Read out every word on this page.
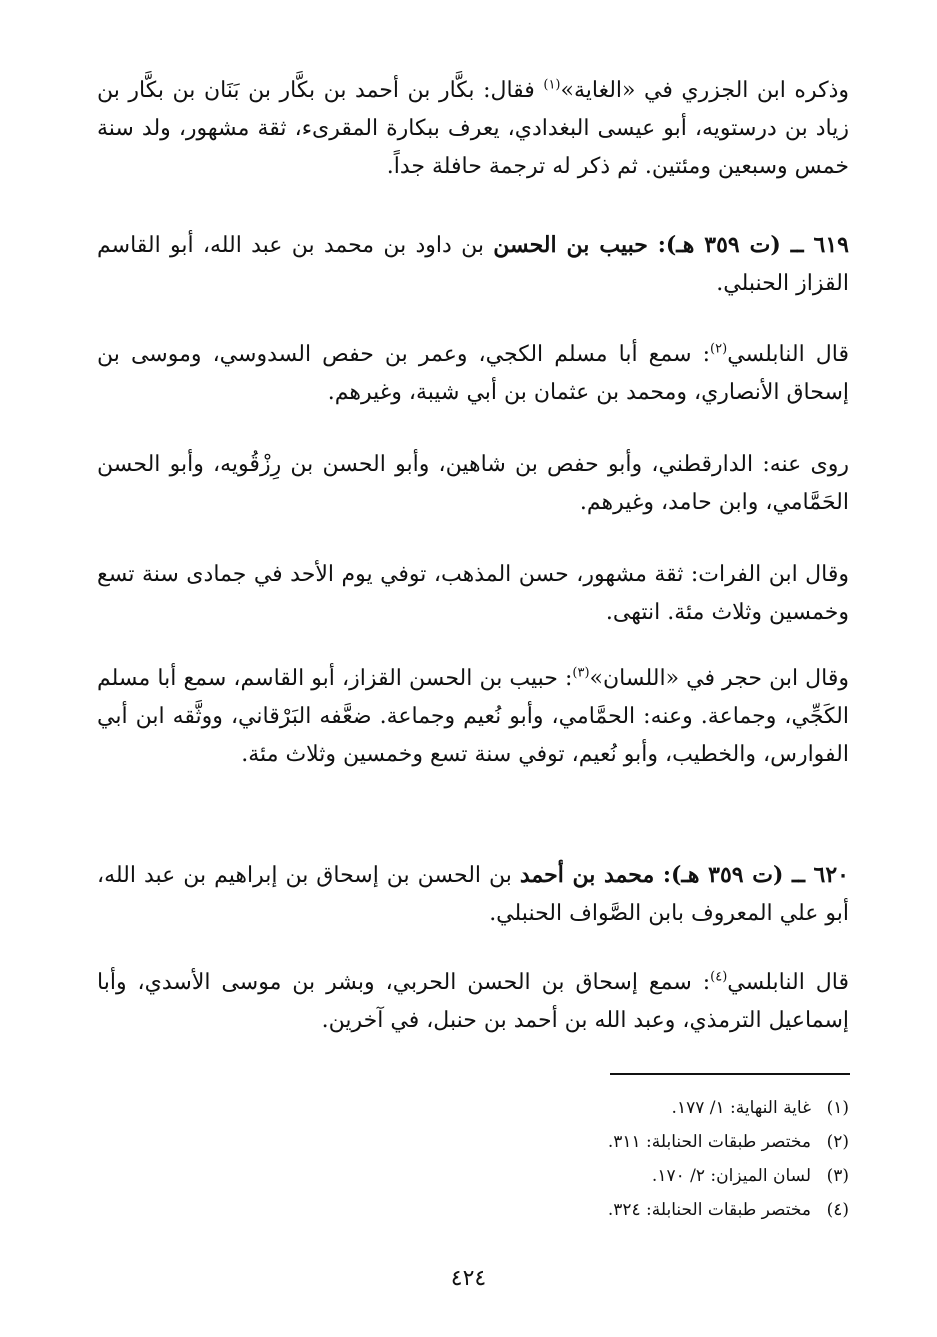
وذكره ابن الجزري في «الغاية»$^{(١)}$ فقال: بكَّار بن أحمد بن بكَّار بن بَنَان بن بكَّار بن زياد بن درستويه، أبو عيسى البغدادي، يعرف ببكارة المقرىء، ثقة مشهور، ولد سنة خمس وسبعين ومئتين. ثم ذكر له ترجمة حافلة جداً.

٦١٩ ــ (ت ٣٥٩ هـ): حبيب بن الحسن بن داود بن محمد بن عبد الله، أبو القاسم القزاز الحنبلي.

قال النابلسي$^{(٢)}$: سمع أبا مسلم الكجي، وعمر بن حفص السدوسي، وموسى بن إسحاق الأنصاري، ومحمد بن عثمان بن أبي شيبة، وغيرهم.

روى عنه: الدارقطني، وأبو حفص بن شاهين، وأبو الحسن بن رِزْقُويه، وأبو الحسن الحَمَّامي، وابن حامد، وغيرهم.

وقال ابن الفرات: ثقة مشهور، حسن المذهب، توفي يوم الأحد في جمادى سنة تسع وخمسين وثلاث مئة. انتهى.

وقال ابن حجر في «اللسان»$^{(٣)}$: حبيب بن الحسن القزاز، أبو القاسم، سمع أبا مسلم الكَجِّي، وجماعة. وعنه: الحمَّامي، وأبو نُعيم وجماعة. ضعَّفه البَرْقاني، ووثَّقه ابن أبي الفوارس، والخطيب، وأبو نُعيم، توفي سنة تسع وخمسين وثلاث مئة.

٦٢٠ ــ (ت ٣٥٩ هـ): محمد بن أحمد بن الحسن بن إسحاق بن إبراهيم بن عبد الله، أبو علي المعروف بابن الصَّواف الحنبلي.

قال النابلسي$^{(٤)}$: سمع إسحاق بن الحسن الحربي، وبشر بن موسى الأسدي، وأبا إسماعيل الترمذي، وعبد الله بن أحمد بن حنبل، في آخرين.

(١)غاية النهاية: ١/ ١٧٧.
(٢)مختصر طبقات الحنابلة: ٣١١.
(٣)لسان الميزان: ٢/ ١٧٠.
(٤)مختصر طبقات الحنابلة: ٣٢٤.
٤٢٤
